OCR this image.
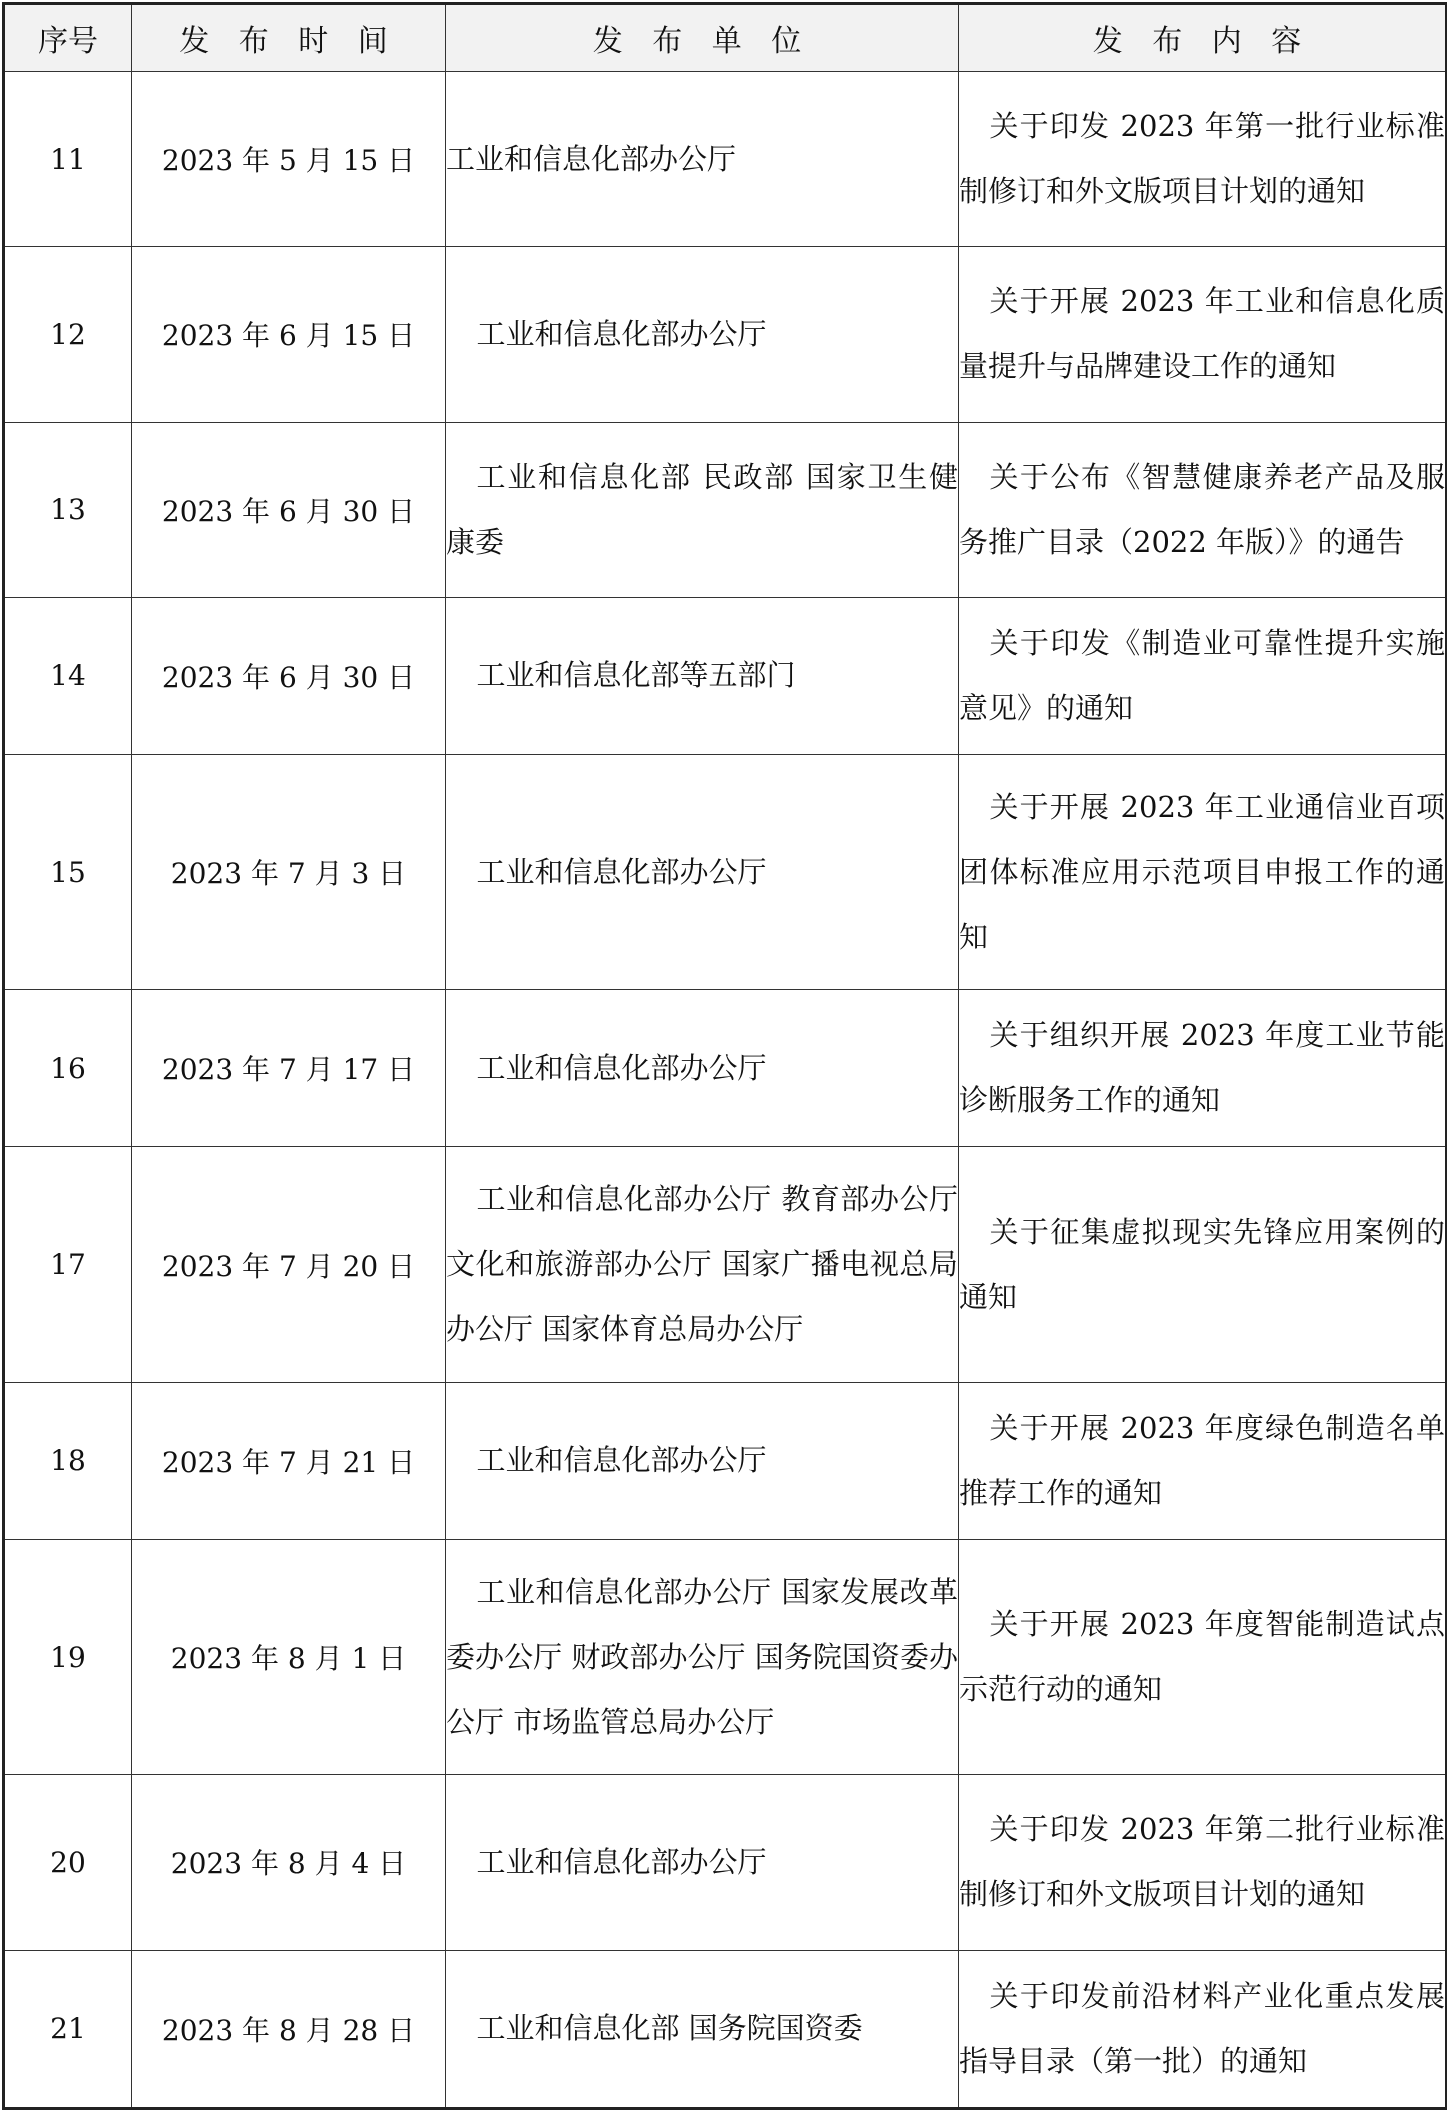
序号	发 布 时 间	发 布 单 位	发 布 内 容
11	2023 年 5 月 15 日	工业和信息化部办公厅	关于印发 2023 年第一批行业标准制修订和外文版项目计划的通知
12	2023 年 6 月 15 日	工业和信息化部办公厅	关于开展 2023 年工业和信息化质量提升与品牌建设工作的通知
13	2023 年 6 月 30 日	工业和信息化部 民政部 国家卫生健康委	关于公布《智慧健康养老产品及服务推广目录（2022 年版）》的通告
14	2023 年 6 月 30 日	工业和信息化部等五部门	关于印发《制造业可靠性提升实施意见》的通知
15	2023 年 7 月 3 日	工业和信息化部办公厅	关于开展 2023 年工业通信业百项团体标准应用示范项目申报工作的通知
16	2023 年 7 月 17 日	工业和信息化部办公厅	关于组织开展 2023 年度工业节能诊断服务工作的通知
17	2023 年 7 月 20 日	工业和信息化部办公厅 教育部办公厅 文化和旅游部办公厅 国家广播电视总局办公厅 国家体育总局办公厅	关于征集虚拟现实先锋应用案例的通知
18	2023 年 7 月 21 日	工业和信息化部办公厅	关于开展 2023 年度绿色制造名单推荐工作的通知
19	2023 年 8 月 1 日	工业和信息化部办公厅 国家发展改革委办公厅 财政部办公厅 国务院国资委办公厅 市场监管总局办公厅	关于开展 2023 年度智能制造试点示范行动的通知
20	2023 年 8 月 4 日	工业和信息化部办公厅	关于印发 2023 年第二批行业标准制修订和外文版项目计划的通知
21	2023 年 8 月 28 日	工业和信息化部 国务院国资委	关于印发前沿材料产业化重点发展指导目录（第一批）的通知
